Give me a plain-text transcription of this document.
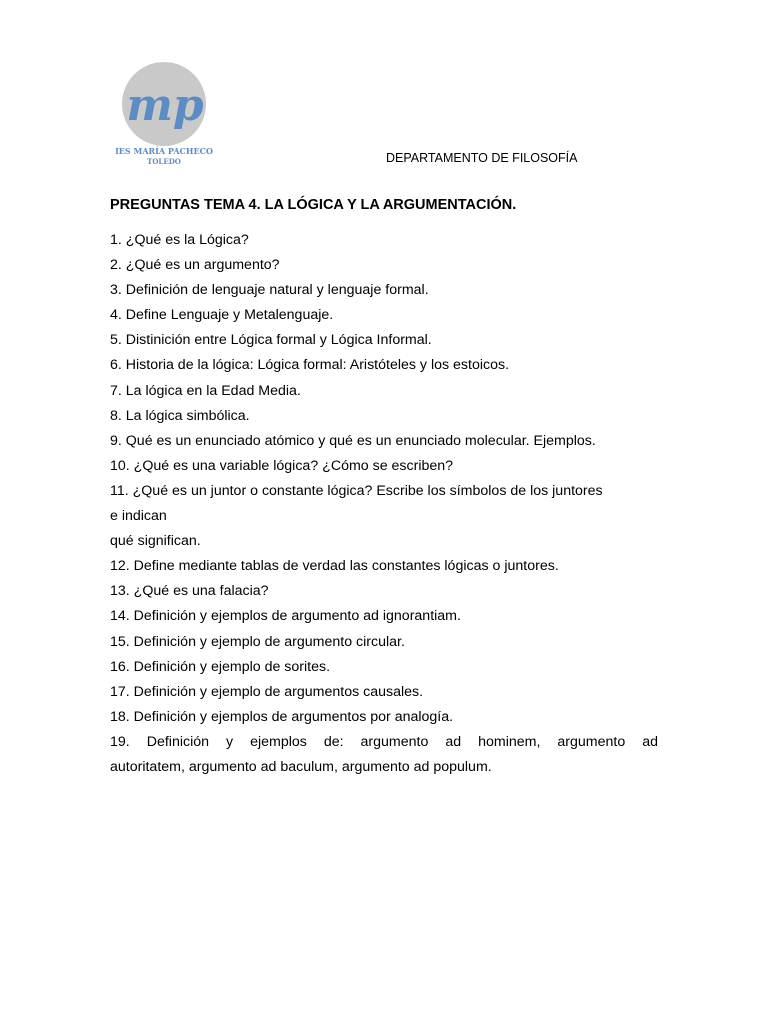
mp
IES MARÍA PACHECO
TOLEDO	DEPARTAMENTO DE FILOSOFÍA
PREGUNTAS TEMA 4. LA LÓGICA Y LA ARGUMENTACIÓN.
1. ¿Qué es la Lógica?
2. ¿Qué es un argumento?
3. Definición de lenguaje natural y lenguaje formal.
4. Define Lenguaje y Metalenguaje.
5. Distinición entre Lógica formal y Lógica Informal.
6. Historia de la lógica: Lógica formal: Aristóteles y los estoicos.
7. La lógica en la Edad Media.
8. La lógica simbólica.
9. Qué es un enunciado atómico y qué es un enunciado molecular. Ejemplos.
10. ¿Qué es una variable lógica? ¿Cómo se escriben?
11. ¿Qué es un juntor o constante lógica? Escribe los símbolos de los juntores
e indican
qué significan.
12. Define mediante tablas de verdad las constantes lógicas o juntores.
13. ¿Qué es una falacia?
14. Definición y ejemplos de argumento ad ignorantiam.
15. Definición y ejemplo de argumento circular.
16. Definición y ejemplo de sorites.
17. Definición y ejemplo de argumentos causales.
18. Definición y ejemplos de argumentos por analogía.
19. Definición y ejemplos de: argumento ad hominem, argumento ad
autoritatem, argumento ad baculum, argumento ad populum.
